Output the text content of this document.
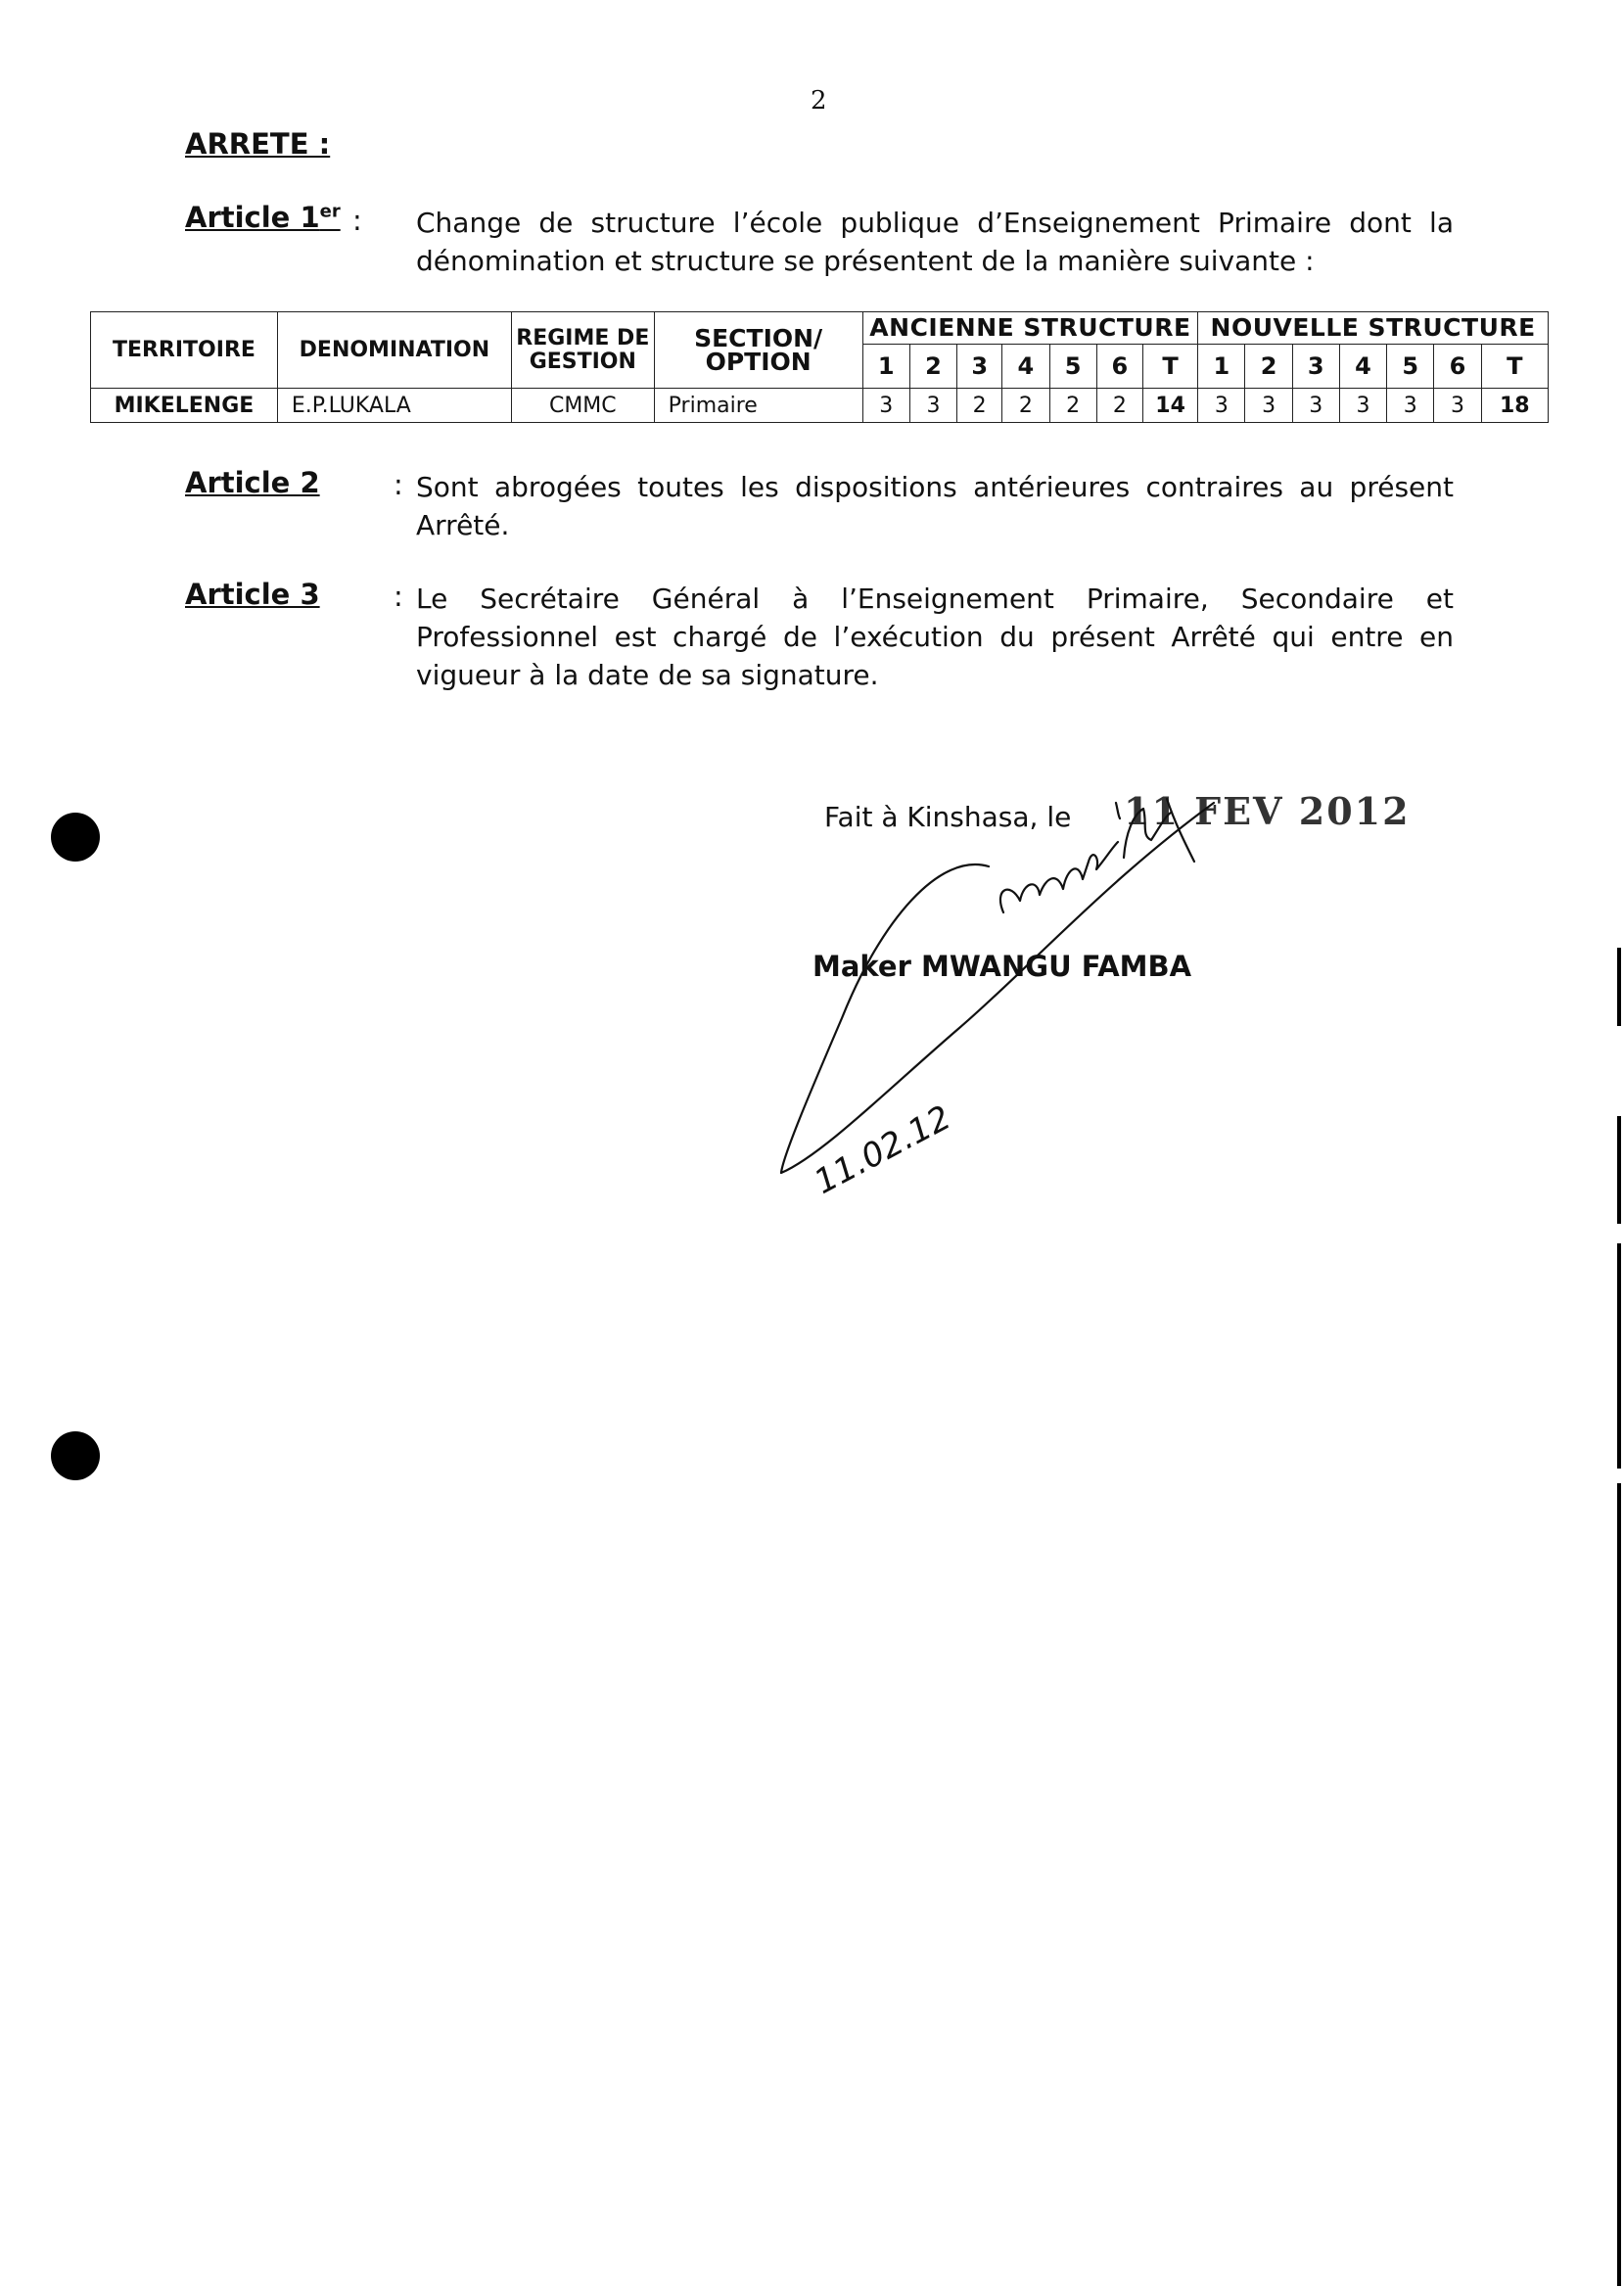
2
ARRETE :
Article 1er : Change de structure l’école publique d’Enseignement Primaire dont la dénomination et structure se présentent de la manière suivante :
TERRITOIRE	DENOMINATION	REGIME DE GESTION	SECTION/ OPTION	ANCIENNE STRUCTURE							NOUVELLE STRUCTURE						
				1	2	3	4	5	6	T	1	2	3	4	5	6	T
MIKELENGE	E.P.LUKALA	CMMC	Primaire	3	3	2	2	2	2	14	3	3	3	3	3	3	18
Article 2	: Sont abrogées toutes les dispositions antérieures contraires au présent Arrêté.
Article 3	: Le Secrétaire Général à l’Enseignement Primaire, Secondaire et Professionnel est chargé de l’exécution du présent Arrêté qui entre en vigueur à la date de sa signature.
Fait à Kinshasa, le 11 FEV 2012
Maker MWANGU FAMBA
11.02.12
